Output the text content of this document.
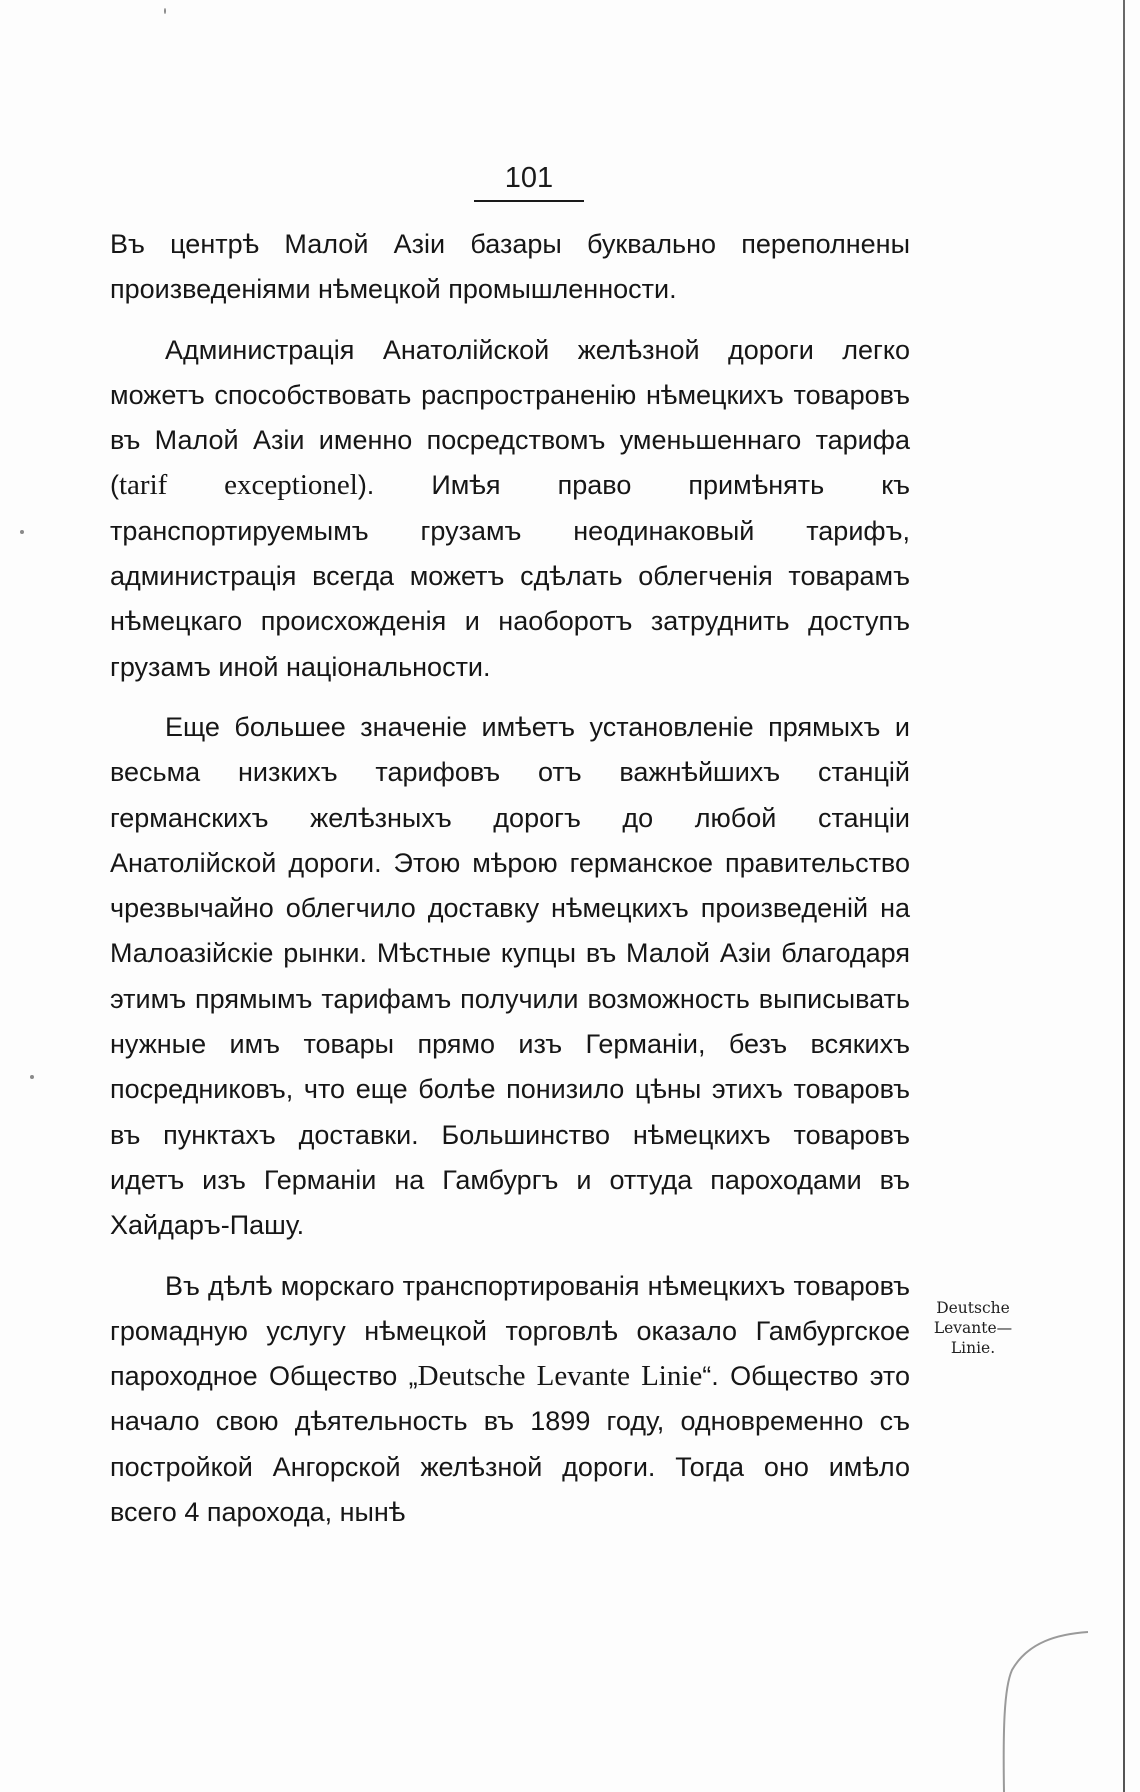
101

Въ центрѣ Малой Азіи базары буквально переполнены произведеніями нѣмецкой промышленности.

Администрація Анатолійской желѣзной дороги легко можетъ способствовать распространенію нѣмецкихъ товаровъ въ Малой Азіи именно посредствомъ уменьшеннаго тарифа (tarif exceptionel). Имѣя право примѣнять къ транспортируемымъ грузамъ неодинаковый тарифъ, администрація всегда можетъ сдѣлать облегченія товарамъ нѣмецкаго происхожденія и наоборотъ затруднить доступъ грузамъ иной національности.

Еще большее значеніе имѣетъ установленіе прямыхъ и весьма низкихъ тарифовъ отъ важнѣйшихъ станцій германскихъ желѣзныхъ дорогъ до любой станціи Анатолійской дороги. Этою мѣрою германское правительство чрезвычайно облегчило доставку нѣмецкихъ произведеній на Малоазійскіе рынки. Мѣстные купцы въ Малой Азіи благодаря этимъ прямымъ тарифамъ получили возможность выписывать нужные имъ товары прямо изъ Германіи, безъ всякихъ посредниковъ, что еще болѣе понизило цѣны этихъ товаровъ въ пунктахъ доставки. Большинство нѣмецкихъ товаровъ идетъ изъ Германіи на Гамбургъ и оттуда пароходами въ Хайдаръ-Пашу.

Въ дѣлѣ морскаго транспортированія нѣмецкихъ товаровъ громадную услугу нѣмецкой торговлѣ оказало Гамбургское пароходное Общество „Deutsche Levante Linie“. Общество это начало свою дѣятельность въ 1899 году, одновременно съ постройкой Ангорской желѣзной дороги. Тогда оно имѣло всего 4 парохода, нынѣ

Deutsche
Levante—
Linie.
